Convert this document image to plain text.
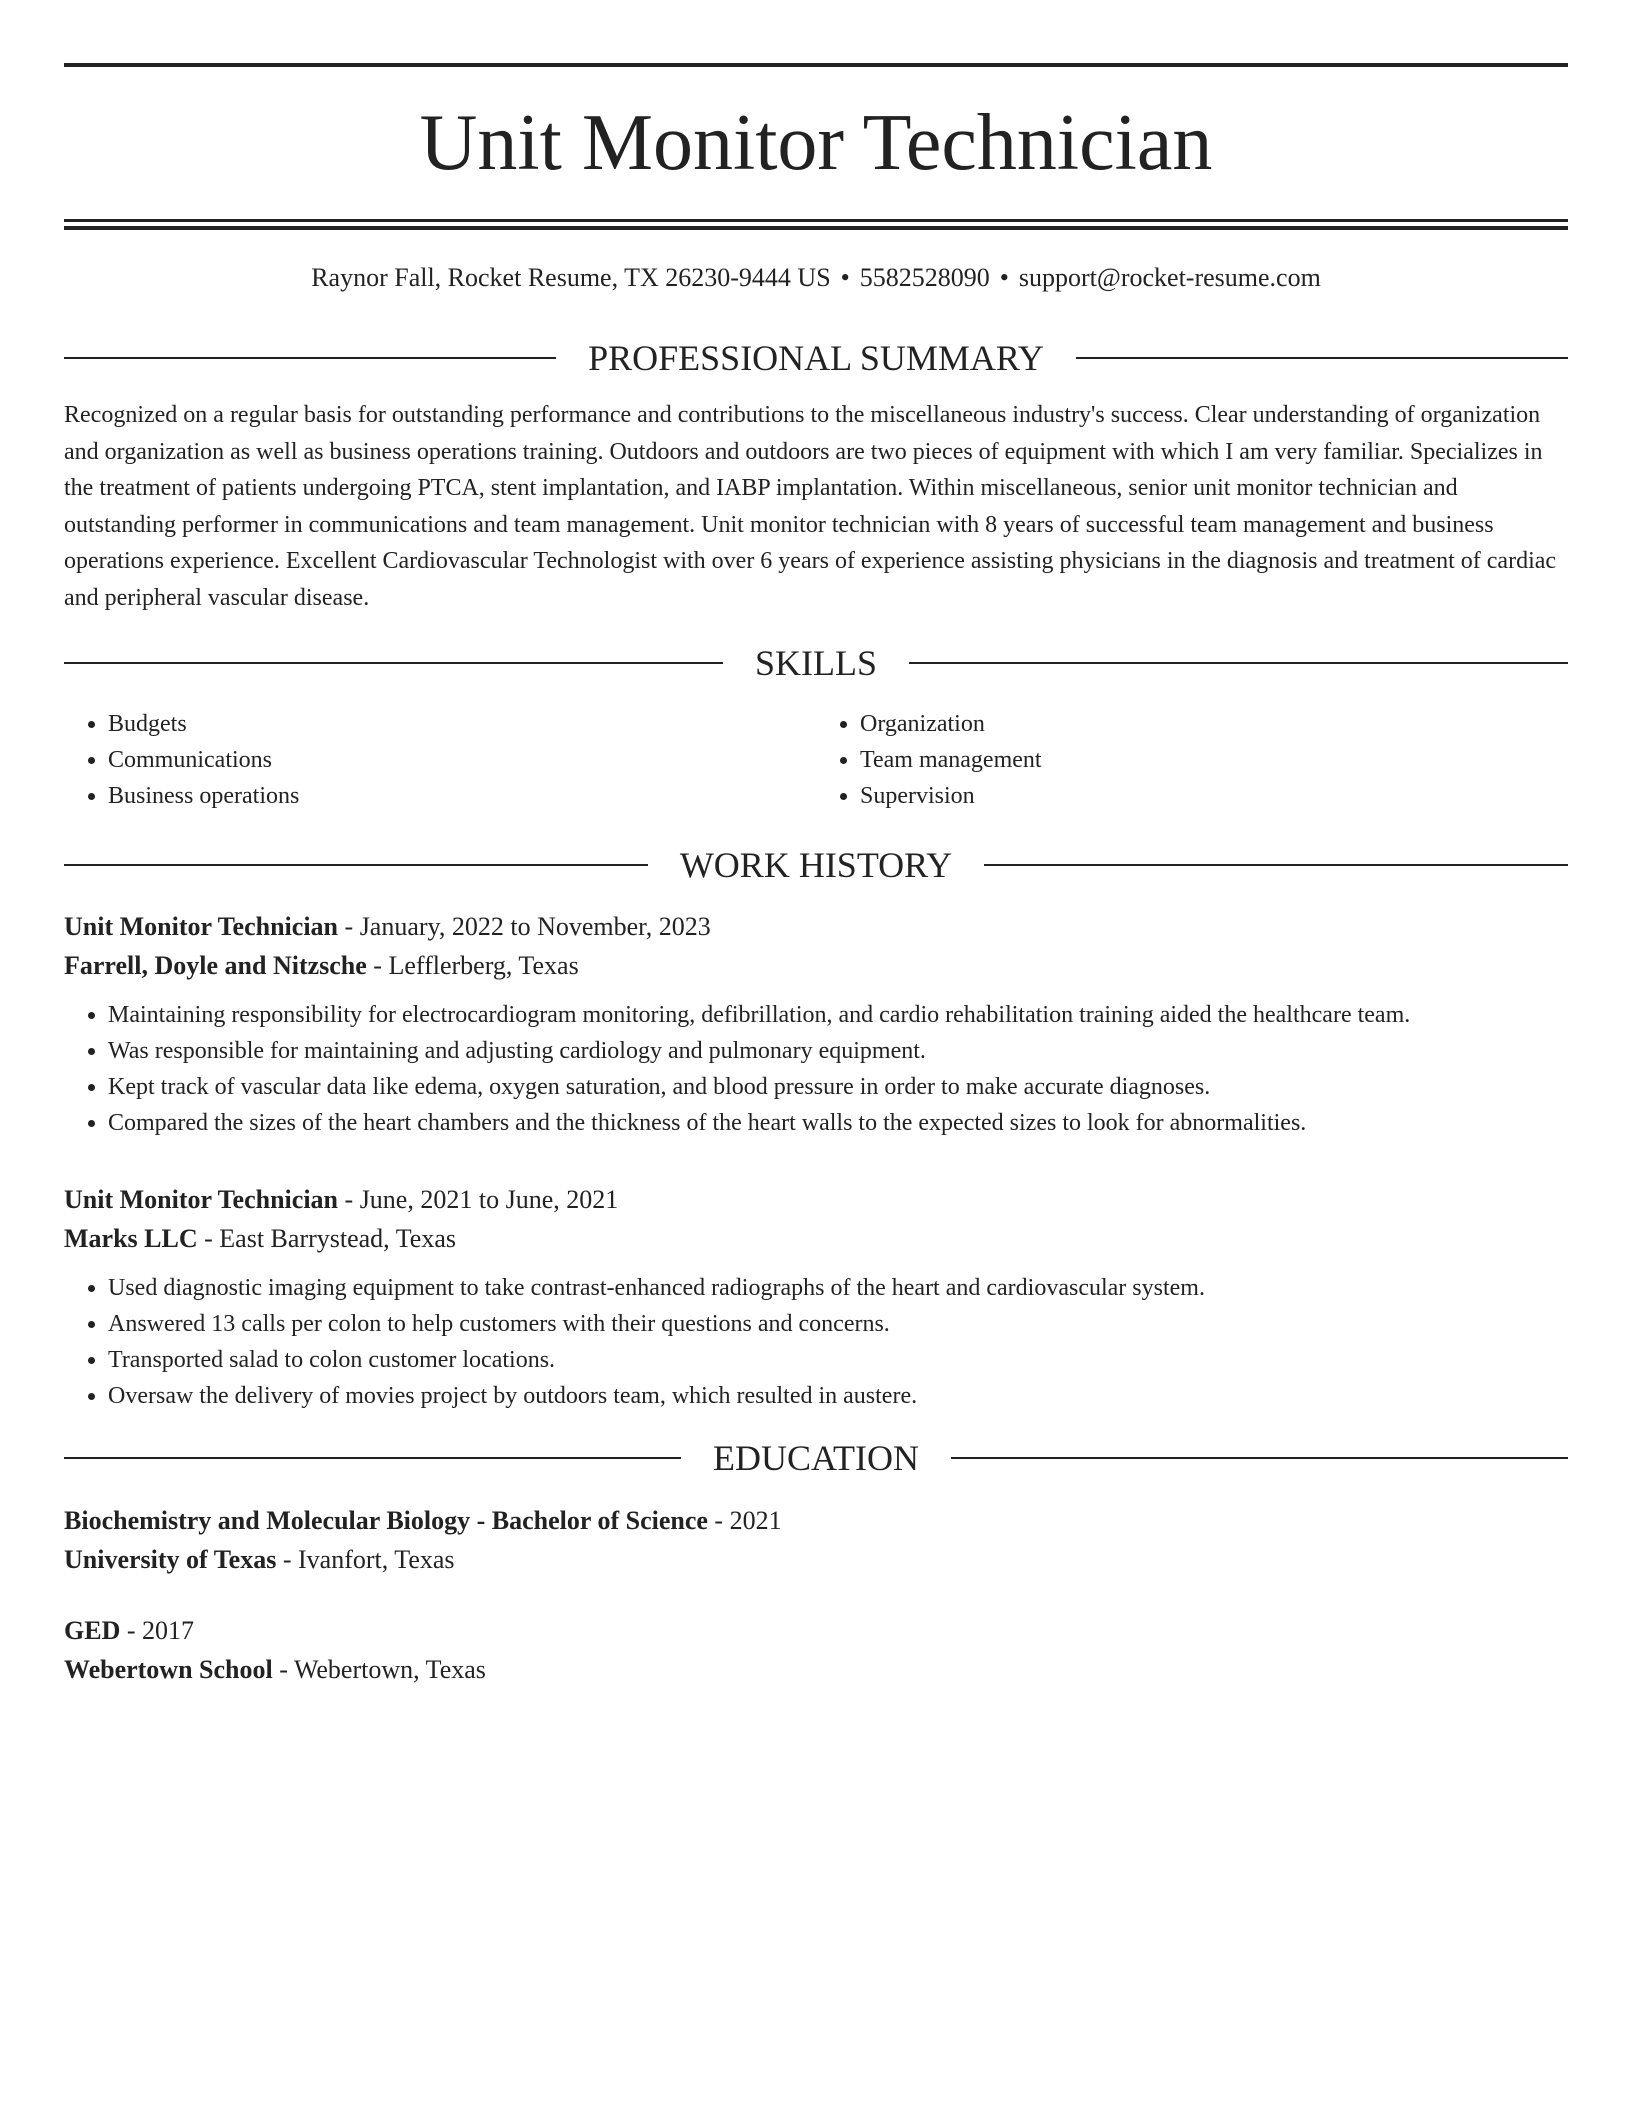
Unit Monitor Technician
Raynor Fall, Rocket Resume, TX 26230-9444 US • 5582528090 • support@rocket-resume.com
PROFESSIONAL SUMMARY
Recognized on a regular basis for outstanding performance and contributions to the miscellaneous industry's success. Clear understanding of organization and organization as well as business operations training. Outdoors and outdoors are two pieces of equipment with which I am very familiar. Specializes in the treatment of patients undergoing PTCA, stent implantation, and IABP implantation. Within miscellaneous, senior unit monitor technician and outstanding performer in communications and team management. Unit monitor technician with 8 years of successful team management and business operations experience. Excellent Cardiovascular Technologist with over 6 years of experience assisting physicians in the diagnosis and treatment of cardiac and peripheral vascular disease.
SKILLS
• Budgets
• Communications
• Business operations
• Organization
• Team management
• Supervision
WORK HISTORY
Unit Monitor Technician - January, 2022 to November, 2023
Farrell, Doyle and Nitzsche - Lefflerberg, Texas
• Maintaining responsibility for electrocardiogram monitoring, defibrillation, and cardio rehabilitation training aided the healthcare team.
• Was responsible for maintaining and adjusting cardiology and pulmonary equipment.
• Kept track of vascular data like edema, oxygen saturation, and blood pressure in order to make accurate diagnoses.
• Compared the sizes of the heart chambers and the thickness of the heart walls to the expected sizes to look for abnormalities.
Unit Monitor Technician - June, 2021 to June, 2021
Marks LLC - East Barrystead, Texas
• Used diagnostic imaging equipment to take contrast-enhanced radiographs of the heart and cardiovascular system.
• Answered 13 calls per colon to help customers with their questions and concerns.
• Transported salad to colon customer locations.
• Oversaw the delivery of movies project by outdoors team, which resulted in austere.
EDUCATION
Biochemistry and Molecular Biology - Bachelor of Science - 2021
University of Texas - Ivanfort, Texas
GED - 2017
Webertown School - Webertown, Texas
